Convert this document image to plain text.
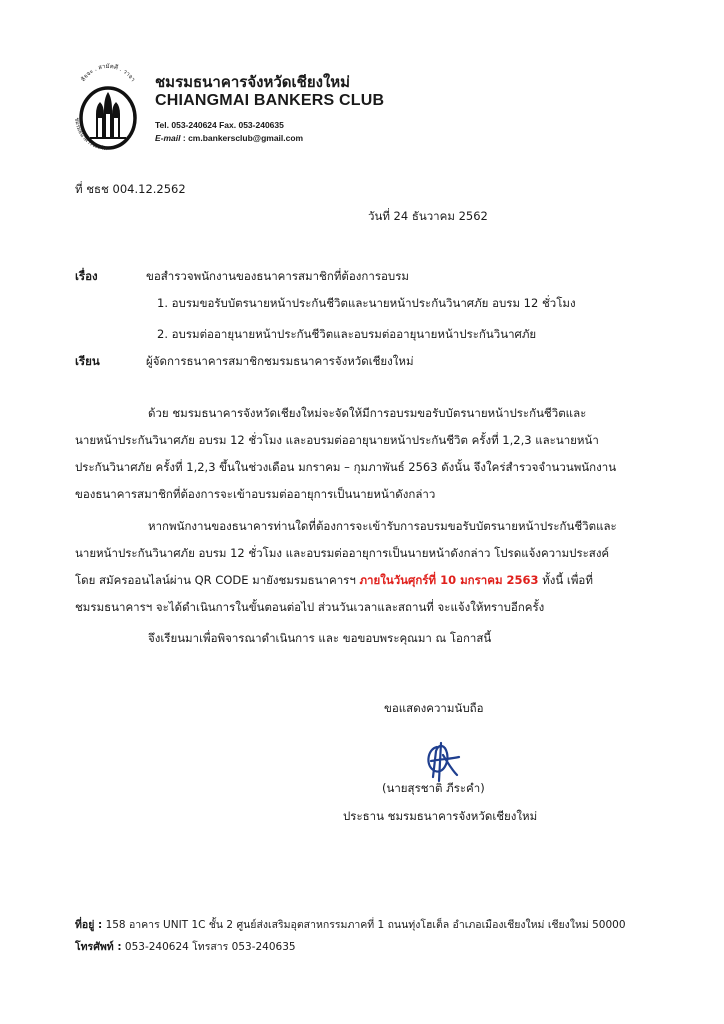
สัจจะ . สามัคคี . วาจา
ชมรมธนาคารจังหวัด
ชมรมธนาคารจังหวัดเชียงใหม่
CHIANGMAI BANKERS CLUB
Tel. 053-240624 Fax. 053-240635
E-mail : cm.bankersclub@gmail.com
ที่ ชธช 004.12.2562
วันที่ 24 ธันวาคม 2562
เรื่อง	ขอสำรวจพนักงานของธนาคารสมาชิกที่ต้องการอบรม
1. อบรมขอรับบัตรนายหน้าประกันชีวิตและนายหน้าประกันวินาศภัย อบรม 12 ชั่วโมง
2. อบรมต่ออายุนายหน้าประกันชีวิตและอบรมต่ออายุนายหน้าประกันวินาศภัย
เรียน	ผู้จัดการธนาคารสมาชิกชมรมธนาคารจังหวัดเชียงใหม่
ด้วย ชมรมธนาคารจังหวัดเชียงใหม่จะจัดให้มีการอบรมขอรับบัตรนายหน้าประกันชีวิตและ
นายหน้าประกันวินาศภัย อบรม 12 ชั่วโมง และอบรมต่ออายุนายหน้าประกันชีวิต ครั้งที่ 1,2,3 และนายหน้า
ประกันวินาศภัย ครั้งที่ 1,2,3 ขึ้นในช่วงเดือน มกราคม – กุมภาพันธ์ 2563 ดังนั้น จึงใคร่สำรวจจำนวนพนักงาน
ของธนาคารสมาชิกที่ต้องการจะเข้าอบรมต่ออายุการเป็นนายหน้าดังกล่าว
หากพนักงานของธนาคารท่านใดที่ต้องการจะเข้ารับการอบรมขอรับบัตรนายหน้าประกันชีวิตและ
นายหน้าประกันวินาศภัย อบรม 12 ชั่วโมง และอบรมต่ออายุการเป็นนายหน้าดังกล่าว โปรดแจ้งความประสงค์
โดย สมัครออนไลน์ผ่าน QR CODE มายังชมรมธนาคารฯ ภายในวันศุกร์ที่ 10 มกราคม 2563 ทั้งนี้ เพื่อที่
ชมรมธนาคารฯ จะได้ดำเนินการในขั้นตอนต่อไป ส่วนวันเวลาและสถานที่ จะแจ้งให้ทราบอีกครั้ง
จึงเรียนมาเพื่อพิจารณาดำเนินการ และ ขอขอบพระคุณมา ณ โอกาสนี้
ขอแสดงความนับถือ
(นายสุรชาติ ภีระคำ)
ประธาน ชมรมธนาคารจังหวัดเชียงใหม่
ที่อยู่ : 158 อาคาร UNIT 1C ชั้น 2 ศูนย์ส่งเสริมอุตสาหกรรมภาคที่ 1 ถนนทุ่งโฮเต็ล อำเภอเมืองเชียงใหม่ เชียงใหม่ 50000
โทรศัพท์ : 053-240624 โทรสาร 053-240635
